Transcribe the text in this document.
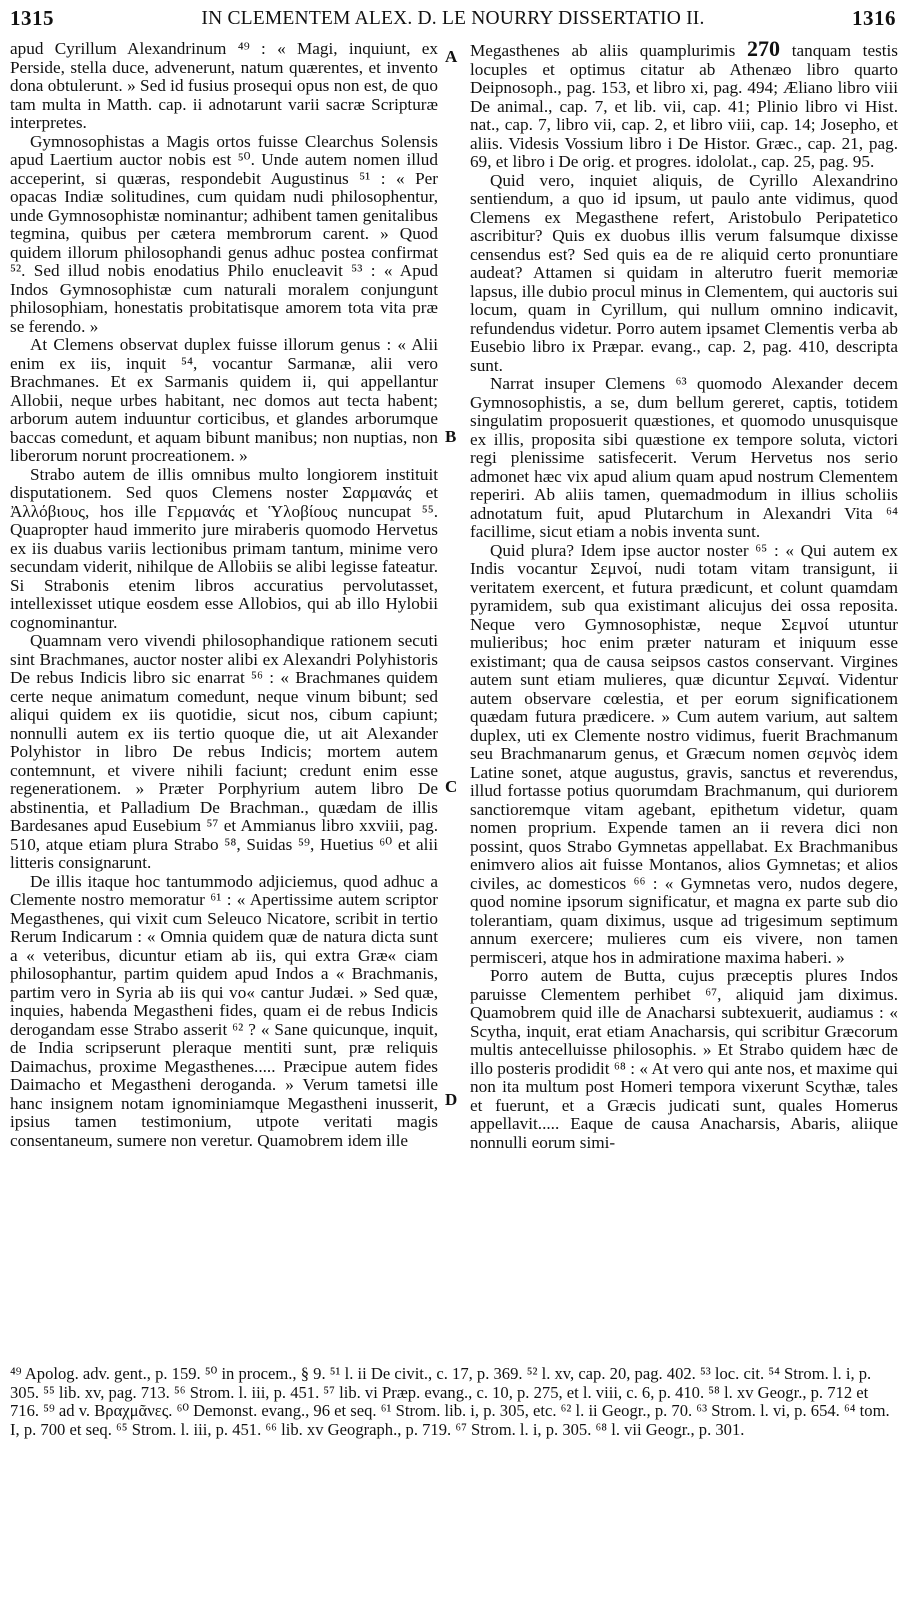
1315	IN CLEMENTEM ALEX. D. LE NOURRY DISSERTATIO II.	1316

apud Cyrillum Alexandrinum ⁴⁹ : « Magi, inquiunt, ex Perside, stella duce, advenerunt, natum quærentes, et invento dona obtulerunt. » Sed id fusius prosequi opus non est, de quo tam multa in Matth. cap. ii adnotarunt varii sacræ Scripturæ interpretes.

Gymnosophistas a Magis ortos fuisse Clearchus Solensis apud Laertium auctor nobis est ⁵⁰. Unde autem nomen illud acceperint, si quæras, respondebit Augustinus ⁵¹ : « Per opacas Indiæ solitudines, cum quidam nudi philosophentur, unde Gymnosophistæ nominantur; adhibent tamen genitalibus tegmina, quibus per cætera membrorum carent. » Quod quidem illorum philosophandi genus adhuc postea confirmat ⁵². Sed illud nobis enodatius Philo enucleavit ⁵³ : « Apud Indos Gymnosophistæ cum naturali moralem conjungunt philosophiam, honestatis probitatisque amorem tota vita præ se ferendo. »

At Clemens observat duplex fuisse illorum genus : « Alii enim ex iis, inquit ⁵⁴, vocantur Sarmanæ, alii vero Brachmanes. Et ex Sarmanis quidem ii, qui appellantur Allobii, neque urbes habitant, nec domos aut tecta habent; arborum autem induuntur corticibus, et glandes arborumque baccas comedunt, et aquam bibunt manibus; non nuptias, non liberorum norunt procreationem. »

Strabo autem de illis omnibus multo longiorem instituit disputationem. Sed quos Clemens noster Σαρμανάς et Ἀλλόβιους, hos ille Γερμανάς et Ὑλοβίους nuncupat ⁵⁵. Quapropter haud immerito jure miraberis quomodo Hervetus ex iis duabus variis lectionibus primam tantum, minime vero secundam viderit, nihilque de Allobiis se alibi legisse fateatur. Si Strabonis etenim libros accuratius pervolutasset, intellexisset utique eosdem esse Allobios, qui ab illo Hylobii cognominantur.

Quamnam vero vivendi philosophandique rationem secuti sint Brachmanes, auctor noster alibi ex Alexandri Polyhistoris De rebus Indicis libro sic enarrat ⁵⁶ : « Brachmanes quidem certe neque animatum comedunt, neque vinum bibunt; sed aliqui quidem ex iis quotidie, sicut nos, cibum capiunt; nonnulli autem ex iis tertio quoque die, ut ait Alexander Polyhistor in libro De rebus Indicis; mortem autem contemnunt, et vivere nihili faciunt; credunt enim esse regenerationem. » Præter Porphyrium autem libro De abstinentia, et Palladium De Brachman., quædam de illis Bardesanes apud Eusebium ⁵⁷ et Ammianus libro xxviii, pag. 510, atque etiam plura Strabo ⁵⁸, Suidas ⁵⁹, Huetius ⁶⁰ et alii litteris consignarunt.

De illis itaque hoc tantummodo adjiciemus, quod adhuc a Clemente nostro memoratur ⁶¹ : « Apertissime autem scriptor Megasthenes, qui vixit cum Seleuco Nicatore, scribit in tertio Rerum Indicarum : « Omnia quidem quæ de natura dicta sunt a « veteribus, dicuntur etiam ab iis, qui extra Græ« ciam philosophantur, partim quidem apud Indos a « Brachmanis, partim vero in Syria ab iis qui vo« cantur Judæi. » Sed quæ, inquies, habenda Megastheni fides, quam ei de rebus Indicis derogandam esse Strabo asserit ⁶² ? « Sane quicunque, inquit, de India scripserunt pleraque mentiti sunt, præ reliquis Daimachus, proxime Megasthenes..... Præcipue autem fides Daimacho et Megastheni deroganda. » Verum tametsi ille hanc insignem notam ignominiamque Megastheni inusserit, ipsius tamen testimonium, utpote veritati magis consentaneum, sumere non veretur. Quamobrem idem ille

A
B
C
D

Megasthenes ab aliis quamplurimis 270 tanquam testis locuples et optimus citatur ab Athenæo libro quarto Deipnosoph., pag. 153, et libro xi, pag. 494; Æliano libro viii De animal., cap. 7, et lib. vii, cap. 41; Plinio libro vi Hist. nat., cap. 7, libro vii, cap. 2, et libro viii, cap. 14; Josepho, et aliis. Videsis Vossium libro i De Histor. Græc., cap. 21, pag. 69, et libro i De orig. et progres. idololat., cap. 25, pag. 95.

Quid vero, inquiet aliquis, de Cyrillo Alexandrino sentiendum, a quo id ipsum, ut paulo ante vidimus, quod Clemens ex Megasthene refert, Aristobulo Peripatetico ascribitur? Quis ex duobus illis verum falsumque dixisse censendus est? Sed quis ea de re aliquid certo pronuntiare audeat? Attamen si quidam in alterutro fuerit memoriæ lapsus, ille dubio procul minus in Clementem, qui auctoris sui locum, quam in Cyrillum, qui nullum omnino indicavit, refundendus videtur. Porro autem ipsamet Clementis verba ab Eusebio libro ix Præpar. evang., cap. 2, pag. 410, descripta sunt.

Narrat insuper Clemens ⁶³ quomodo Alexander decem Gymnosophistis, a se, dum bellum gereret, captis, totidem singulatim proposuerit quæstiones, et quomodo unusquisque ex illis, proposita sibi quæstione ex tempore soluta, victori regi plenissime satisfecerit. Verum Hervetus nos serio admonet hæc vix apud alium quam apud nostrum Clementem reperiri. Ab aliis tamen, quemadmodum in illius scholiis adnotatum fuit, apud Plutarchum in Alexandri Vita ⁶⁴ facillime, sicut etiam a nobis inventa sunt.

Quid plura? Idem ipse auctor noster ⁶⁵ : « Qui autem ex Indis vocantur Σεμνοί, nudi totam vitam transigunt, ii veritatem exercent, et futura prædicunt, et colunt quamdam pyramidem, sub qua existimant alicujus dei ossa reposita. Neque vero Gymnosophistæ, neque Σεμνοί utuntur mulieribus; hoc enim præter naturam et iniquum esse existimant; qua de causa seipsos castos conservant. Virgines autem sunt etiam mulieres, quæ dicuntur Σεμναί. Videntur autem observare cœlestia, et per eorum significationem quædam futura prædicere. » Cum autem varium, aut saltem duplex, uti ex Clemente nostro vidimus, fuerit Brachmanum seu Brachmanarum genus, et Græcum nomen σεμνὸς idem Latine sonet, atque augustus, gravis, sanctus et reverendus, illud fortasse potius quorumdam Brachmanum, qui duriorem sanctioremque vitam agebant, epithetum videtur, quam nomen proprium. Expende tamen an ii revera dici non possint, quos Strabo Gymnetas appellabat. Ex Brachmanibus enimvero alios ait fuisse Montanos, alios Gymnetas; et alios civiles, ac domesticos ⁶⁶ : « Gymnetas vero, nudos degere, quod nomine ipsorum significatur, et magna ex parte sub dio tolerantiam, quam diximus, usque ad trigesimum septimum annum exercere; mulieres cum eis vivere, non tamen permisceri, atque hos in admiratione maxima haberi. »

Porro autem de Butta, cujus præceptis plures Indos paruisse Clementem perhibet ⁶⁷, aliquid jam diximus. Quamobrem quid ille de Anacharsi subtexuerit, audiamus : « Scytha, inquit, erat etiam Anacharsis, qui scribitur Græcorum multis antecelluisse philosophis. » Et Strabo quidem hæc de illo posteris prodidit ⁶⁸ : « At vero qui ante nos, et maxime qui non ita multum post Homeri tempora vixerunt Scythæ, tales et fuerunt, et a Græcis judicati sunt, quales Homerus appellavit..... Eaque de causa Anacharsis, Abaris, aliique nonnulli eorum simi-

⁴⁹ Apolog. adv. gent., p. 159. ⁵⁰ in procem., § 9. ⁵¹ l. ii De civit., c. 17, p. 369. ⁵² l. xv, cap. 20, pag. 402. ⁵³ loc. cit. ⁵⁴ Strom. l. i, p. 305. ⁵⁵ lib. xv, pag. 713. ⁵⁶ Strom. l. iii, p. 451. ⁵⁷ lib. vi Præp. evang., c. 10, p. 275, et l. viii, c. 6, p. 410. ⁵⁸ l. xv Geogr., p. 712 et 716. ⁵⁹ ad v. Βραχμᾶνες. ⁶⁰ Demonst. evang., 96 et seq. ⁶¹ Strom. lib. i, p. 305, etc. ⁶² l. ii Geogr., p. 70. ⁶³ Strom. l. vi, p. 654. ⁶⁴ tom. I, p. 700 et seq. ⁶⁵ Strom. l. iii, p. 451. ⁶⁶ lib. xv Geograph., p. 719. ⁶⁷ Strom. l. i, p. 305. ⁶⁸ l. vii Geogr., p. 301.
